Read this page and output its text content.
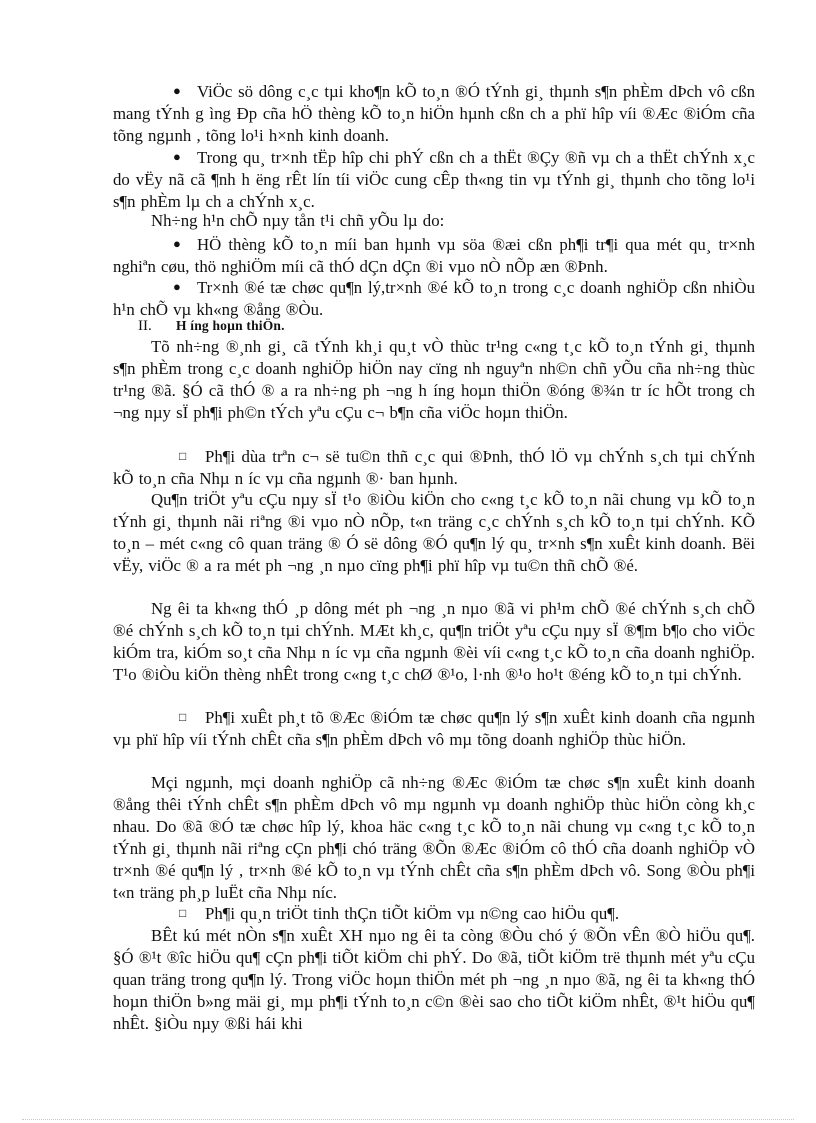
● ViÖc sö dông c¸c tµi kho¶n kÕ to¸n ®Ó tÝnh gi¸ thµnh s¶n phÈm dÞch vô cßn mang tÝnh g ìng Ðp cña hÖ thèng kÕ to¸n hiÖn hµnh cßn ch a phï hîp víi ®Æc ®iÓm cña tõng ngµnh , tõng lo¹i h×nh kinh doanh.

● Trong qu¸ tr×nh tËp hîp chi phÝ cßn ch a thËt ®Çy ®ñ vµ ch a thËt chÝnh x¸c do vËy nã cã ¶nh h ëng rÊt lín tíi viÖc cung cÊp th«ng tin vµ tÝnh gi¸ thµnh cho tõng lo¹i s¶n phÈm lµ ch a chÝnh x¸c.

Nh÷ng h¹n chÕ nµy tån t¹i chñ yÕu lµ do:

● HÖ thèng kÕ to¸n míi ban hµnh vµ söa ®æi cßn ph¶i tr¶i qua mét qu¸ tr×nh nghiªn cøu, thö nghiÖm míi cã thÓ dÇn dÇn ®i vµo nÒ nÕp æn ®Þnh.

● Tr×nh ®é tæ chøc qu¶n lý,tr×nh ®é kÕ to¸n trong c¸c doanh nghiÖp cßn nhiÒu h¹n chÕ vµ kh«ng ®ång ®Òu.

II. H íng hoµn thiÖn.

Tõ nh÷ng ®¸nh gi¸ cã tÝnh kh¸i qu¸t vÒ thùc tr¹ng c«ng t¸c kÕ to¸n tÝnh gi¸ thµnh s¶n phÈm trong c¸c doanh nghiÖp hiÖn nay cïng nh nguyªn nh©n chñ yÕu cña nh÷ng thùc tr¹ng ®ã. §Ó cã thÓ ® a ra nh÷ng ph ¬ng h íng hoµn thiÖn ®óng ®¾n tr íc hÕt trong ch ¬ng nµy sÏ ph¶i ph©n tÝch yªu cÇu c¬ b¶n cña viÖc hoµn thiÖn.

□ Ph¶i dùa trªn c¬ së tu©n thñ c¸c qui ®Þnh, thÓ lÖ vµ chÝnh s¸ch tµi chÝnh kÕ to¸n cña Nhµ n íc vµ cña ngµnh ®· ban hµnh.

Qu¶n triÖt yªu cÇu nµy sÏ t¹o ®iÒu kiÖn cho c«ng t¸c kÕ to¸n nãi chung vµ kÕ to¸n tÝnh gi¸ thµnh nãi riªng ®i vµo nÒ nÕp, t«n träng c¸c chÝnh s¸ch kÕ to¸n tµi chÝnh. KÕ to¸n – mét c«ng cô quan träng ® Ó së dông ®Ó qu¶n lý qu¸ tr×nh s¶n xuÊt kinh doanh. Bëi vËy, viÖc ® a ra mét ph ¬ng ¸n nµo cïng ph¶i phï hîp vµ tu©n thñ chÕ ®é.

Ng êi ta kh«ng thÓ ¸p dông mét ph ¬ng ¸n nµo ®ã vi ph¹m chÕ ®é chÝnh s¸ch chÕ ®é chÝnh s¸ch kÕ to¸n tµi chÝnh. MÆt kh¸c, qu¶n triÖt yªu cÇu nµy sÏ ®¶m b¶o cho viÖc kiÓm tra, kiÓm so¸t cña Nhµ n íc vµ cña ngµnh ®èi víi c«ng t¸c kÕ to¸n cña doanh nghiÖp. T¹o ®iÒu kiÖn thèng nhÊt trong c«ng t¸c chØ ®¹o, l·nh ®¹o ho¹t ®éng kÕ to¸n tµi chÝnh.

□ Ph¶i xuÊt ph¸t tõ ®Æc ®iÓm tæ chøc qu¶n lý s¶n xuÊt kinh doanh cña ngµnh vµ phï hîp víi tÝnh chÊt cña s¶n phÈm dÞch vô mµ tõng doanh nghiÖp thùc hiÖn.

Mçi ngµnh, mçi doanh nghiÖp cã nh÷ng ®Æc ®iÓm tæ chøc s¶n xuÊt kinh doanh ®ång thêi tÝnh chÊt s¶n phÈm dÞch vô mµ ngµnh vµ doanh nghiÖp thùc hiÖn còng kh¸c nhau. Do ®ã ®Ó tæ chøc hîp lý, khoa häc c«ng t¸c kÕ to¸n nãi chung vµ c«ng t¸c kÕ to¸n tÝnh gi¸ thµnh nãi riªng cÇn ph¶i chó träng ®Õn ®Æc ®iÓm cô thÓ cña doanh nghiÖp vÒ tr×nh ®é qu¶n lý , tr×nh ®é kÕ to¸n vµ tÝnh chÊt cña s¶n phÈm dÞch vô. Song ®Òu ph¶i t«n träng ph¸p luËt cña Nhµ níc.

□ Ph¶i qu¸n triÖt tinh thÇn tiÕt kiÖm vµ n©ng cao hiÖu qu¶.

BÊt kú mét nÒn s¶n xuÊt XH nµo ng êi ta còng ®Òu chó ý ®Õn vÊn ®Ò hiÖu qu¶. §Ó ®¹t ®îc hiÖu qu¶ cÇn ph¶i tiÕt kiÖm chi phÝ. Do ®ã, tiÕt kiÖm trë thµnh mét yªu cÇu quan träng trong qu¶n lý. Trong viÖc hoµn thiÖn mét ph ¬ng ¸n nµo ®ã, ng êi ta kh«ng thÓ hoµn thiÖn b»ng mäi gi¸ mµ ph¶i tÝnh to¸n c©n ®èi sao cho tiÕt kiÖm nhÊt, ®¹t hiÖu qu¶ nhÊt. §iÒu nµy ®ßi hái khi
